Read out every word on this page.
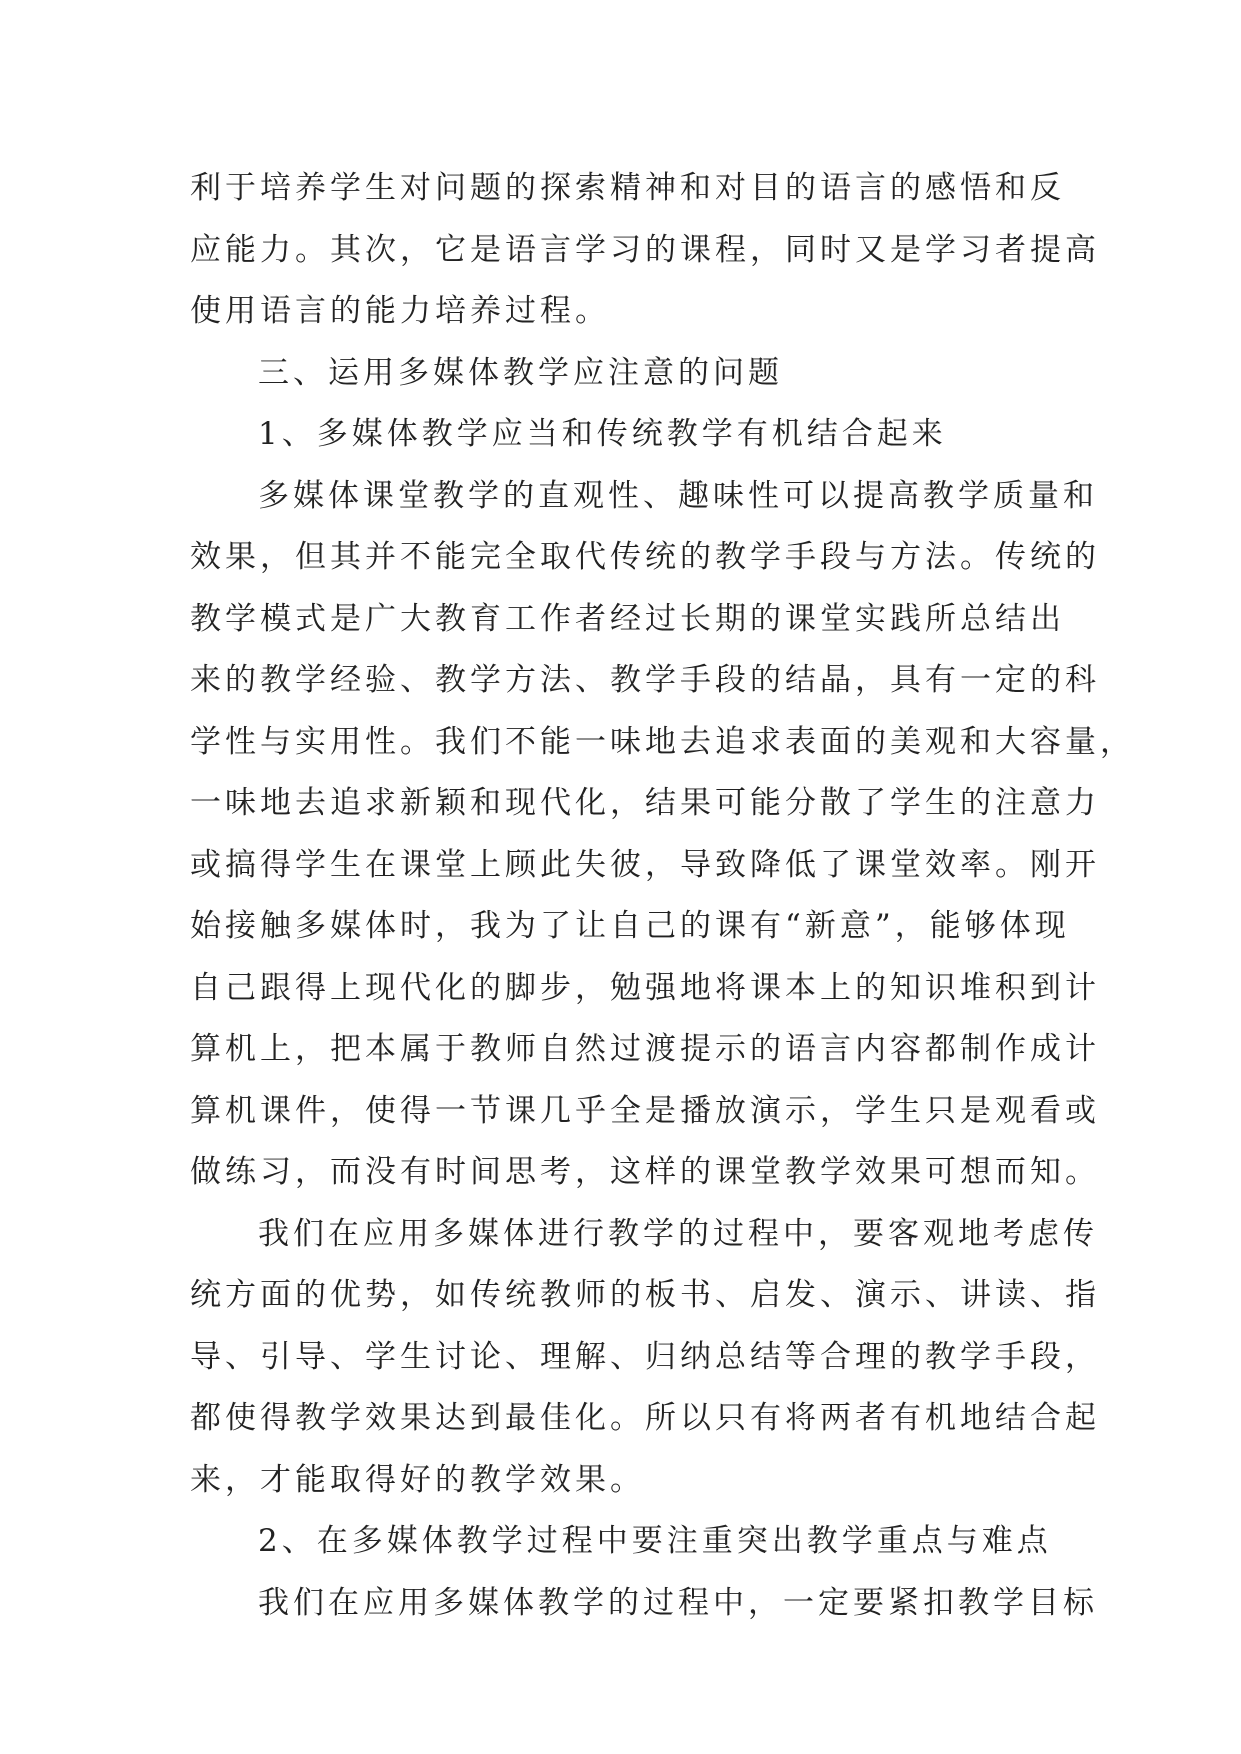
利于培养学生对问题的探索精神和对目的语言的感悟和反
应能力。其次，它是语言学习的课程，同时又是学习者提高
使用语言的能力培养过程。
三、运用多媒体教学应注意的问题
1、多媒体教学应当和传统教学有机结合起来
多媒体课堂教学的直观性、趣味性可以提高教学质量和
效果，但其并不能完全取代传统的教学手段与方法。传统的
教学模式是广大教育工作者经过长期的课堂实践所总结出
来的教学经验、教学方法、教学手段的结晶，具有一定的科
学性与实用性。我们不能一味地去追求表面的美观和大容量，
一味地去追求新颖和现代化，结果可能分散了学生的注意力
或搞得学生在课堂上顾此失彼，导致降低了课堂效率。刚开
始接触多媒体时，我为了让自己的课有“新意”，能够体现
自己跟得上现代化的脚步，勉强地将课本上的知识堆积到计
算机上，把本属于教师自然过渡提示的语言内容都制作成计
算机课件，使得一节课几乎全是播放演示，学生只是观看或
做练习，而没有时间思考，这样的课堂教学效果可想而知。
我们在应用多媒体进行教学的过程中，要客观地考虑传
统方面的优势，如传统教师的板书、启发、演示、讲读、指
导、引导、学生讨论、理解、归纳总结等合理的教学手段，
都使得教学效果达到最佳化。所以只有将两者有机地结合起
来，才能取得好的教学效果。
2、在多媒体教学过程中要注重突出教学重点与难点
我们在应用多媒体教学的过程中，一定要紧扣教学目标
